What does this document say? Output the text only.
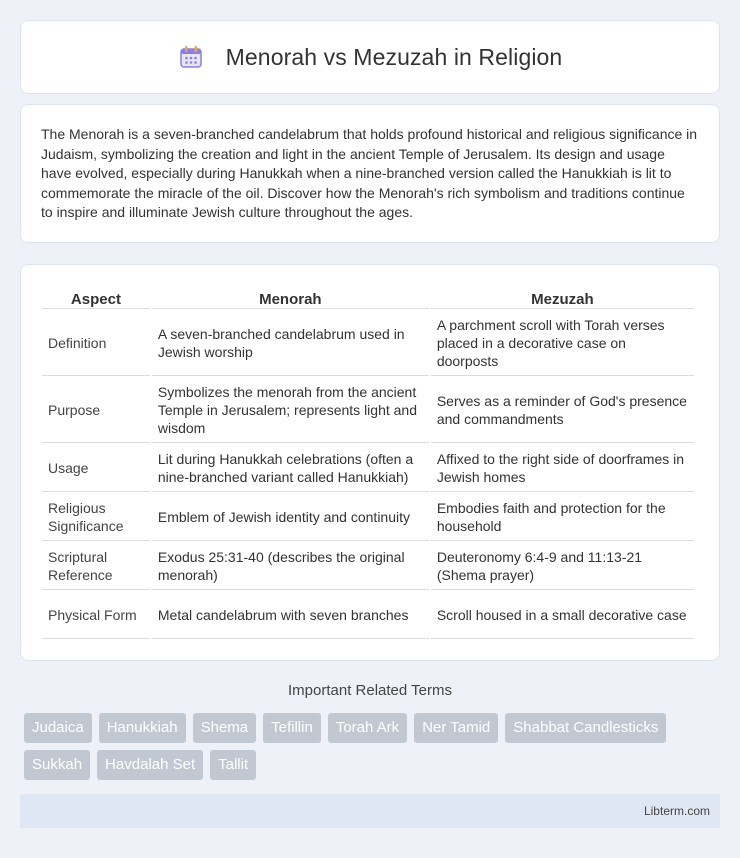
Menorah vs Mezuzah in Religion

The Menorah is a seven-branched candelabrum that holds profound historical and religious significance in Judaism, symbolizing the creation and light in the ancient Temple of Jerusalem. Its design and usage have evolved, especially during Hanukkah when a nine-branched version called the Hanukkiah is lit to commemorate the miracle of the oil. Discover how the Menorah's rich symbolism and traditions continue to inspire and illuminate Jewish culture throughout the ages.

Aspect	Menorah	Mezuzah
Definition	A seven-branched candelabrum used in Jewish worship	A parchment scroll with Torah verses placed in a decorative case on doorposts
Purpose	Symbolizes the menorah from the ancient Temple in Jerusalem; represents light and wisdom	Serves as a reminder of God's presence and commandments
Usage	Lit during Hanukkah celebrations (often a nine-branched variant called Hanukkiah)	Affixed to the right side of doorframes in Jewish homes
Religious Significance	Emblem of Jewish identity and continuity	Embodies faith and protection for the household
Scriptural Reference	Exodus 25:31-40 (describes the original menorah)	Deuteronomy 6:4-9 and 11:13-21 (Shema prayer)
Physical Form	Metal candelabrum with seven branches	Scroll housed in a small decorative case
Important Related Terms
Judaica	Hanukkiah	Shema	Tefillin	Torah Ark	Ner Tamid	Shabbat Candlesticks
Sukkah	Havdalah Set	Tallit
Libterm.com
